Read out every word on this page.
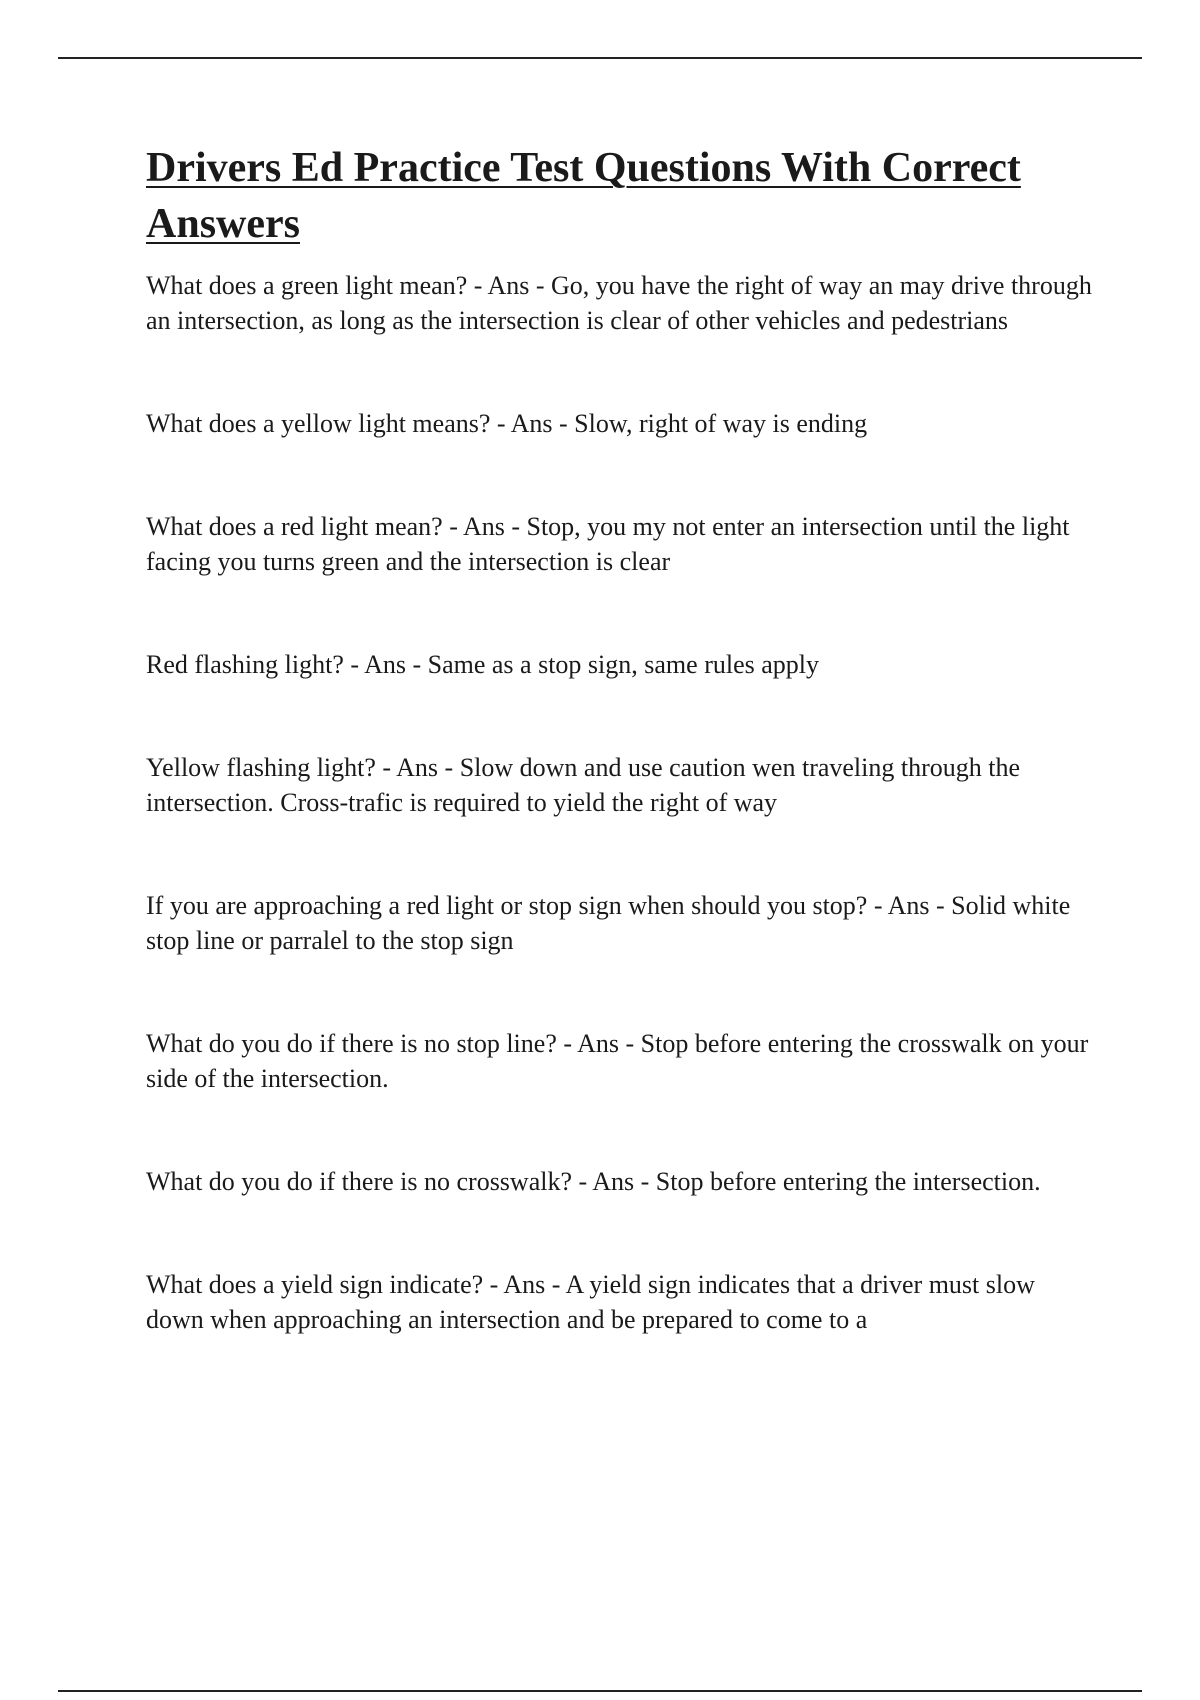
Drivers Ed Practice Test Questions With Correct Answers
What does a green light mean? - Ans - Go, you have the right of way an may drive through an intersection, as long as the intersection is clear of other vehicles and pedestrians
What does a yellow light means? - Ans - Slow, right of way is ending
What does a red light mean? - Ans - Stop, you my not enter an intersection until the light facing you turns green and the intersection is clear
Red flashing light? - Ans - Same as a stop sign, same rules apply
Yellow flashing light? - Ans - Slow down and use caution wen traveling through the intersection. Cross-trafic is required to yield the right of way
If you are approaching a red light or stop sign when should you stop? - Ans - Solid white stop line or parralel to the stop sign
What do you do if there is no stop line? - Ans - Stop before entering the crosswalk on your side of the intersection.
What do you do if there is no crosswalk? - Ans - Stop before entering the intersection.
What does a yield sign indicate? - Ans - A yield sign indicates that a driver must slow down when approaching an intersection and be prepared to come to a
